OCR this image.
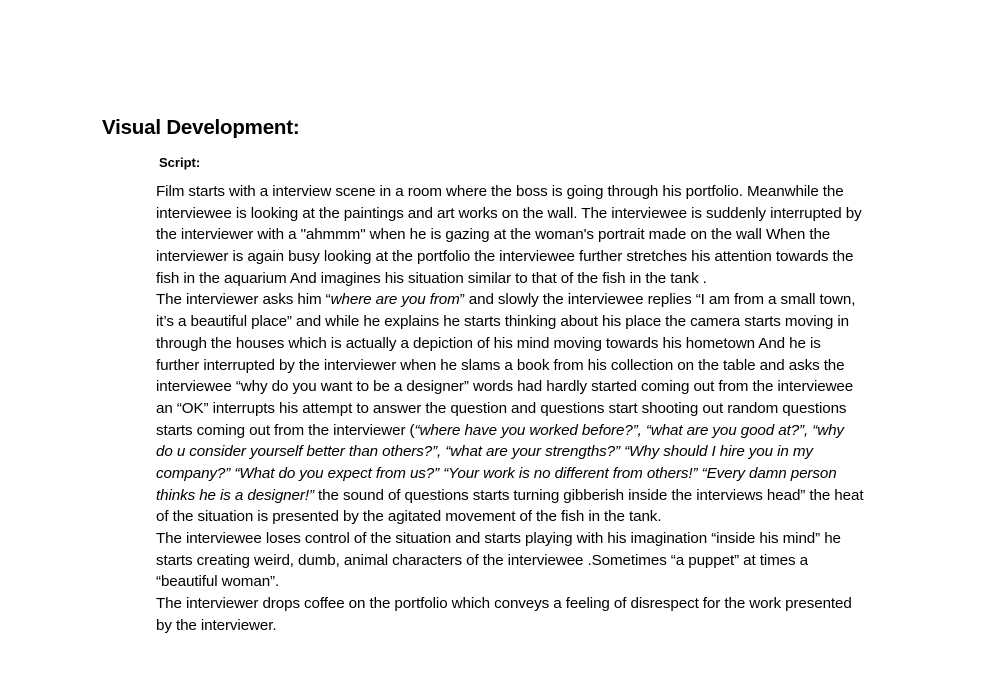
Visual Development:
Script:
Film starts with a interview scene in a room where the boss is going through his portfolio. Meanwhile the
interviewee is looking at the paintings and art works on the wall. The interviewee is suddenly interrupted by
the interviewer with a "ahmmm" when he is gazing at the woman's portrait made on the wall When the
interviewer is again busy looking at the portfolio the interviewee further stretches his attention towards the
fish in the aquarium And imagines his situation similar to that of the fish in the tank .
The interviewer asks him “where are you from” and slowly the interviewee replies “I am from a small town,
it’s a beautiful place” and while he explains he starts thinking about his place the camera starts moving in
through the houses which is actually a depiction of his mind moving towards his hometown And he is
further interrupted by the interviewer when he slams a book from his collection on the table and asks the
interviewee “why do you want to be a designer” words had hardly started coming out from the interviewee
an “OK” interrupts his attempt to answer the question and questions start shooting out random questions
starts coming out from the interviewer (“where have you worked before?”, “what are you good at?”, “why
do u consider yourself better than others?”, “what are your strengths?” “Why should I hire you in my
company?” “What do you expect from us?” “Your work is no different from others!” “Every damn person
thinks he is a designer!” the sound of questions starts turning gibberish inside the interviews head” the heat
of the situation is presented by the agitated movement of the fish in the tank.
The interviewee loses control of the situation and starts playing with his imagination “inside his mind” he
starts creating weird, dumb, animal characters of the interviewee .Sometimes “a puppet” at times a
“beautiful woman”.
The interviewer drops coffee on the portfolio which conveys a feeling of disrespect for the work presented
by the interviewer.
